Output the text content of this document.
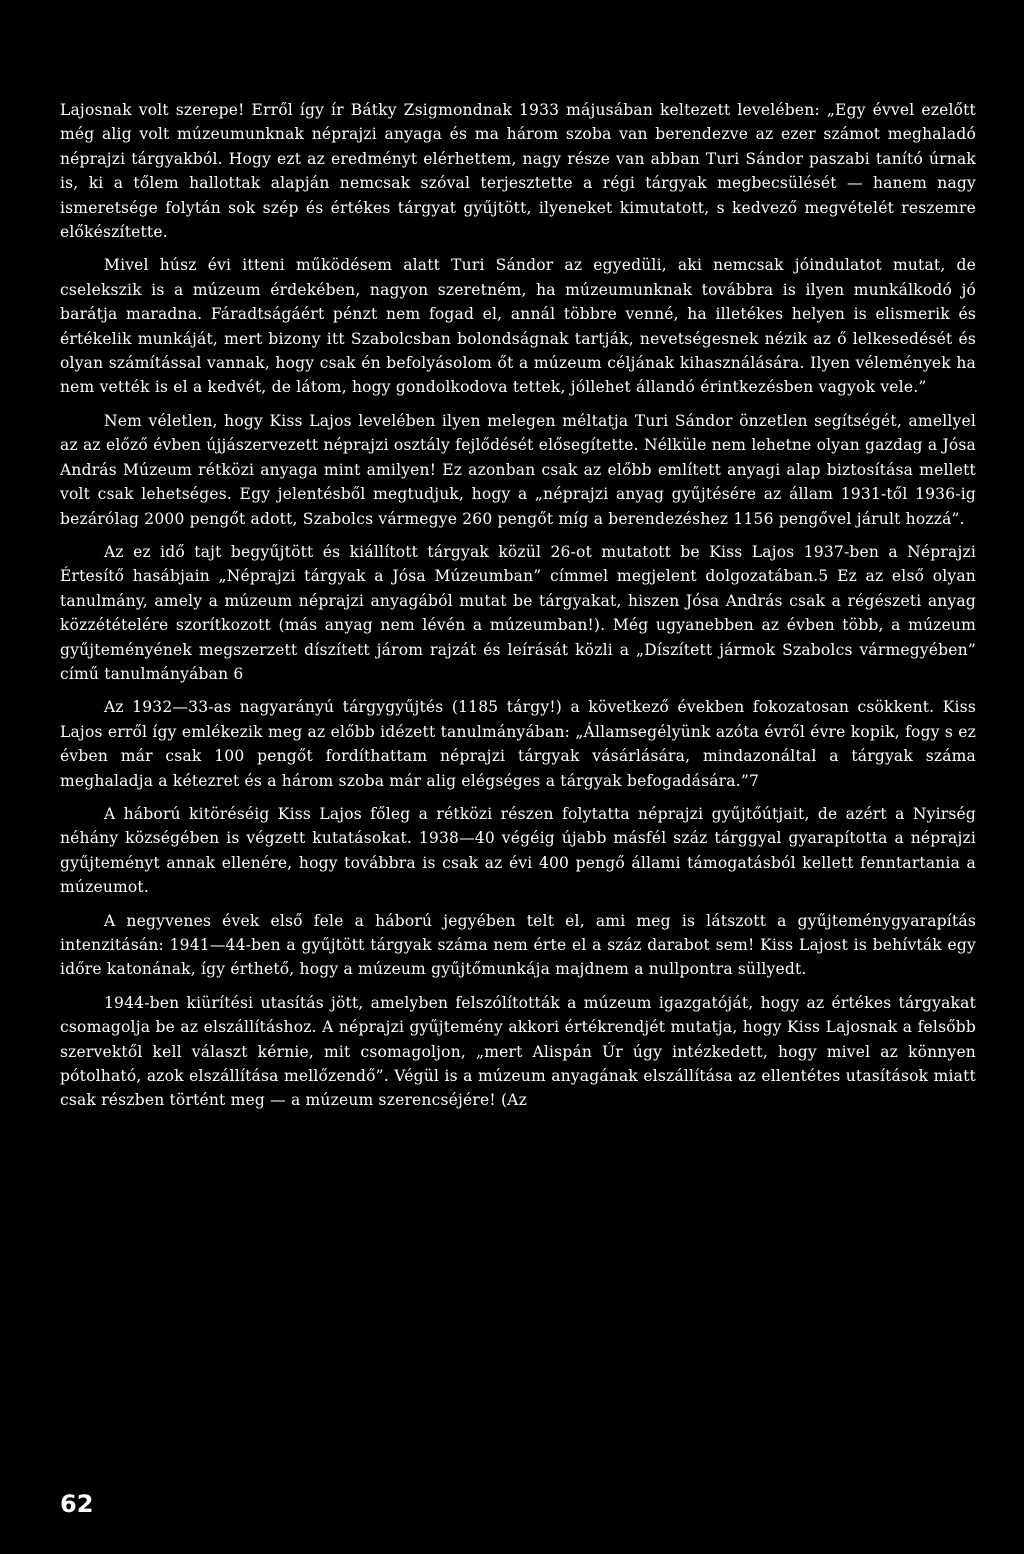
Lajosnak volt szerepe! Erről így ír Bátky Zsigmondnak 1933 májusában keltezett levelében: „Egy évvel ezelőtt még alig volt múzeumunknak néprajzi anyaga és ma három szoba van berendezve az ezer számot meghaladó néprajzi tárgyakból. Hogy ezt az eredményt elérhettem, nagy része van abban Turi Sándor paszabi tanító úrnak is, ki a tőlem hallottak alapján nemcsak szóval terjesztette a régi tárgyak megbecsülését — hanem nagy ismeretsége folytán sok szép és értékes tárgyat gyűjtött, ilyeneket kimutatott, s kedvező megvételét reszemre előkészítette.

Mivel húsz évi itteni működésem alatt Turi Sándor az egyedüli, aki nemcsak jóindulatot mutat, de cselekszik is a múzeum érdekében, nagyon szeretném, ha múzeumunknak továbbra is ilyen munkálkodó jó barátja maradna. Fáradtságáért pénzt nem fogad el, annál többre venné, ha illetékes helyen is elismerik és értékelik munkáját, mert bizony itt Szabolcsban bolondságnak tartják, nevetségesnek nézik az ő lelkesedését és olyan számítással vannak, hogy csak én befolyásolom őt a múzeum céljának kihasználására. Ilyen vélemények ha nem vették is el a kedvét, de látom, hogy gondolkodova tettek, jóllehet állandó érintkezésben vagyok vele.”

Nem véletlen, hogy Kiss Lajos levelében ilyen melegen méltatja Turi Sándor önzetlen segítségét, amellyel az az előző évben újjászervezett néprajzi osztály fejlődését elősegítette. Nélküle nem lehetne olyan gazdag a Jósa András Múzeum rétközi anyaga mint amilyen! Ez azonban csak az előbb említett anyagi alap biztosítása mellett volt csak lehetséges. Egy jelentésből megtudjuk, hogy a „néprajzi anyag gyűjtésére az állam 1931-től 1936-ig bezárólag 2000 pengőt adott, Szabolcs vármegye 260 pengőt míg a berendezéshez 1156 pengővel járult hozzá”.

Az ez idő tajt begyűjtött és kiállított tárgyak közül 26-ot mutatott be Kiss Lajos 1937-ben a Néprajzi Értesítő hasábjain „Néprajzi tárgyak a Jósa Múzeumban” címmel megjelent dolgozatában.5 Ez az első olyan tanulmány, amely a múzeum néprajzi anyagából mutat be tárgyakat, hiszen Jósa András csak a régészeti anyag közzétételére szorítkozott (más anyag nem lévén a múzeumban!). Még ugyanebben az évben több, a múzeum gyűjteményének megszerzett díszített járom rajzát és leírását közli a „Díszített jármok Szabolcs vármegyében” című tanulmányában 6

Az 1932—33-as nagyarányú tárgygyűjtés (1185 tárgy!) a következő években fokozatosan csökkent. Kiss Lajos erről így emlékezik meg az előbb idézett tanulmányában: „Államsegélyünk azóta évről évre kopik, fogy s ez évben már csak 100 pengőt fordíthattam néprajzi tárgyak vásárlására, mindazonáltal a tárgyak száma meghaladja a kétezret és a három szoba már alig elégséges a tárgyak befogadására.”7

A háború kitöréséig Kiss Lajos főleg a rétközi részen folytatta néprajzi gyűjtőútjait, de azért a Nyirség néhány községében is végzett kutatásokat. 1938—40 végéig újabb másfél száz tárggyal gyarapította a néprajzi gyűjteményt annak ellenére, hogy továbbra is csak az évi 400 pengő állami támogatásból kellett fenntartania a múzeumot.

A negyvenes évek első fele a háború jegyében telt el, ami meg is látszott a gyűjteménygyarapítás intenzitásán: 1941—44-ben a gyűjtött tárgyak száma nem érte el a száz darabot sem! Kiss Lajost is behívták egy időre katonának, így érthető, hogy a múzeum gyűjtőmunkája majdnem a nullpontra süllyedt.

1944-ben kiürítési utasítás jött, amelyben felszólították a múzeum igazgatóját, hogy az értékes tárgyakat csomagolja be az elszállításhoz. A néprajzi gyűjtemény akkori értékrendjét mutatja, hogy Kiss Lajosnak a felsőbb szervektől kell választ kérnie, mit csomagoljon, „mert Alispán Úr úgy intézkedett, hogy mivel az könnyen pótolható, azok elszállítása mellőzendő”. Végül is a múzeum anyagának elszállítása az ellentétes utasítások miatt csak részben történt meg — a múzeum szerencséjére! (Az

62
